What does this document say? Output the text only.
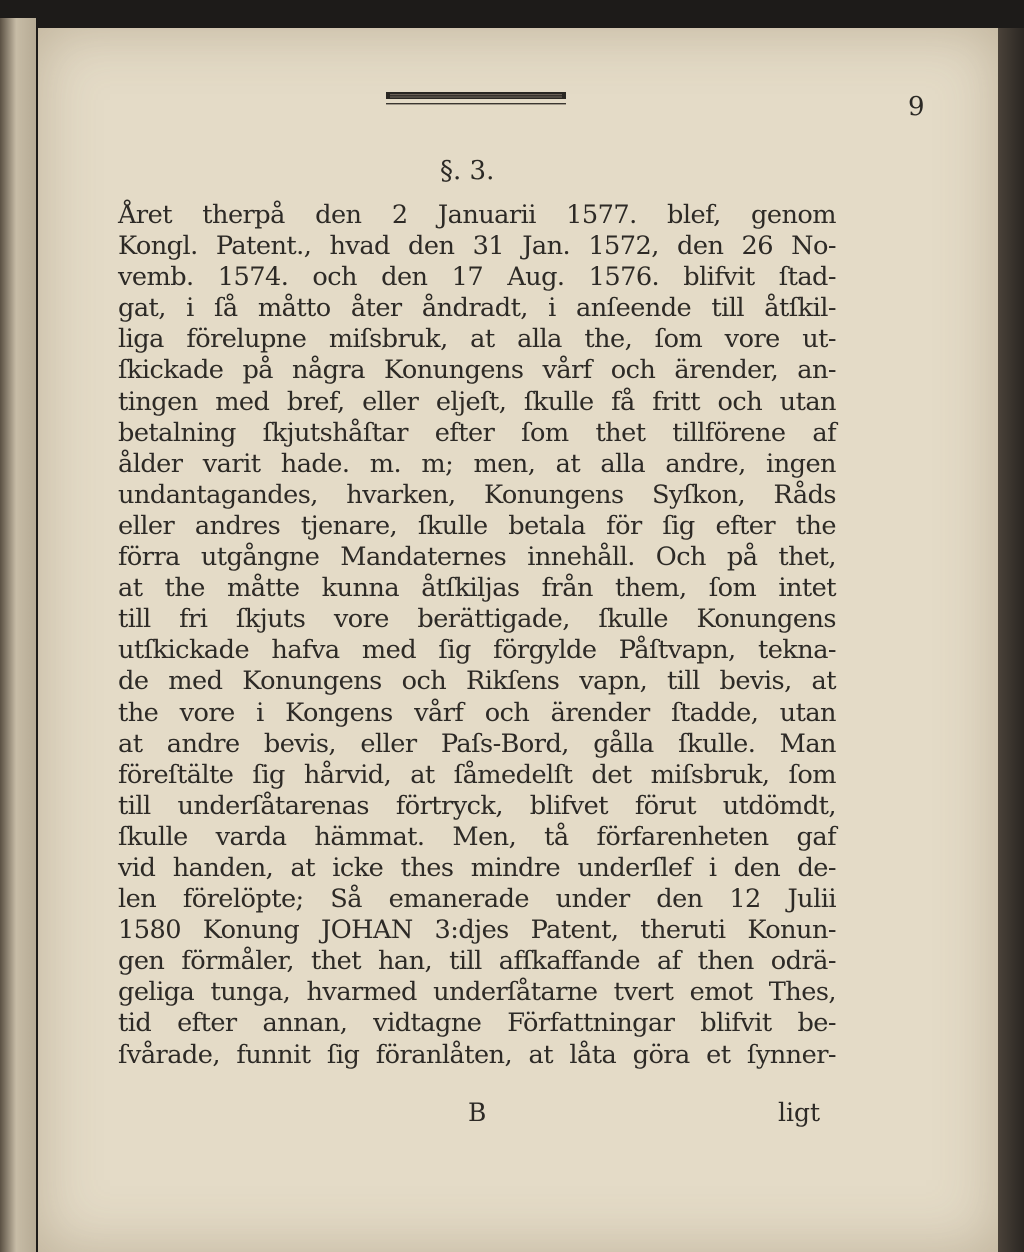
9
§. 3.
Året therpå den 2 Januarii 1577. blef, genom
Kongl. Patent., hvad den 31 Jan. 1572, den 26 No-
vemb. 1574. och den 17 Aug. 1576. blifvit ſtad-
gat, i ſå måtto åter åndradt, i anſeende till åtſkil-
liga förelupne miſsbruk, at alla the, ſom vore ut-
ſkickade på några Konungens vårf och ärender, an-
tingen med bref, eller eljeſt, ſkulle få fritt och utan
betalning ſkjutshåſtar efter ſom thet tillförene af
ålder varit hade. m. m; men, at alla andre, ingen
undantagandes, hvarken, Konungens Syſkon, Råds
eller andres tjenare, ſkulle betala för ſig efter the
förra utgångne Mandaternes innehåll. Och på thet,
at the måtte kunna åtſkiljas från them, ſom intet
till fri ſkjuts vore berättigade, ſkulle Konungens
utſkickade hafva med ſig förgylde Påſtvapn, tekna-
de med Konungens och Rikſens vapn, till bevis, at
the vore i Kongens vårf och ärender ſtadde, utan
at andre bevis, eller Paſs-Bord, gålla ſkulle. Man
föreſtälte ſig hårvid, at ſåmedelſt det miſsbruk, ſom
till underſåtarenas förtryck, blifvet förut utdömdt,
ſkulle varda hämmat. Men, tå förfarenheten gaf
vid handen, at icke thes mindre underſlef i den de-
len förelöpte; Så emanerade under den 12 Julii
1580 Konung JOHAN 3:djes Patent, theruti Konun-
gen förmåler, thet han, till afſkaffande af then odrä-
geliga tunga, hvarmed underſåtarne tvert emot Thes,
tid efter annan, vidtagne Författningar blifvit be-
ſvårade, funnit ſig föranlåten, at låta göra et ſynner-
B	ligt
